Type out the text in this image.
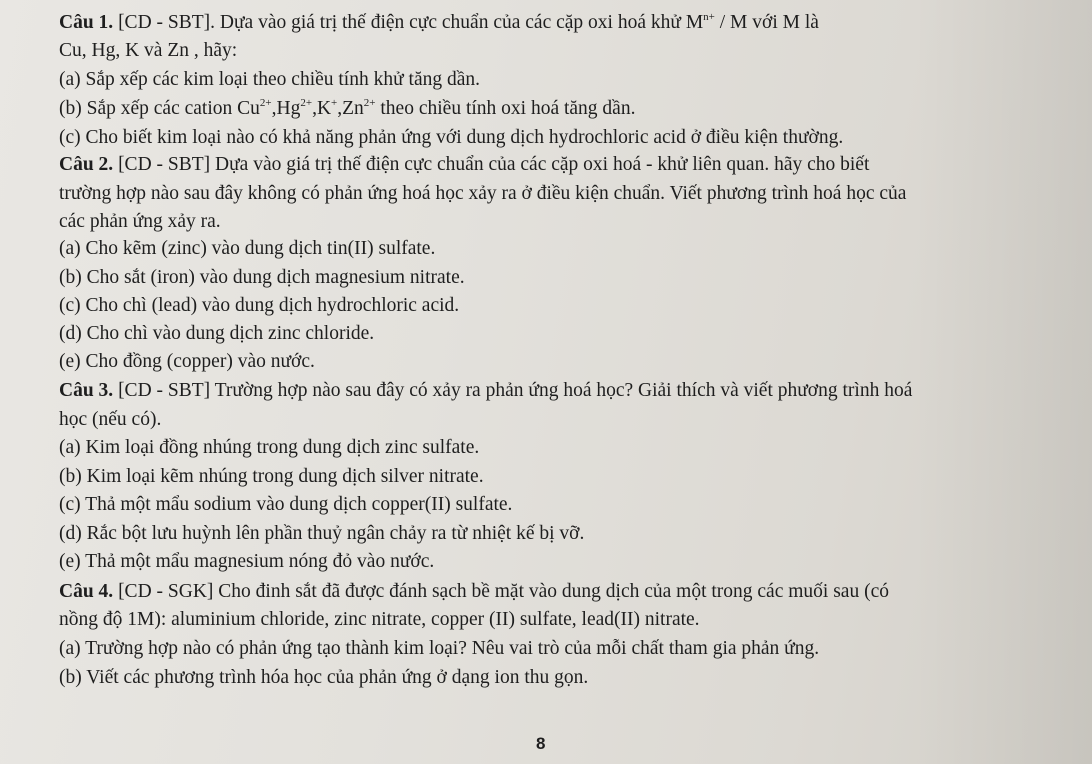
Câu 1. [CD - SBT]. Dựa vào giá trị thế điện cực chuẩn của các cặp oxi hoá khử $M^{n+}$ / M với M là
Cu, Hg, K và Zn , hãy:
(a) Sắp xếp các kim loại theo chiều tính khử tăng dần.
(b) Sắp xếp các cation $Cu^{2+},Hg^{2+},K^+,Zn^{2+}$ theo chiều tính oxi hoá tăng dần.
(c) Cho biết kim loại nào có khả năng phản ứng với dung dịch hydrochloric acid ở điều kiện thường.
Câu 2. [CD - SBT] Dựa vào giá trị thế điện cực chuẩn của các cặp oxi hoá - khử liên quan. hãy cho biết
trường hợp nào sau đây không có phản ứng hoá học xảy ra ở điều kiện chuẩn. Viết phương trình hoá học của
các phản ứng xảy ra.
(a) Cho kẽm (zinc) vào dung dịch tin(II) sulfate.
(b) Cho sắt (iron) vào dung dịch magnesium nitrate.
(c) Cho chì (lead) vào dung dịch hydrochloric acid.
(d) Cho chì vào dung dịch zinc chloride.
(e) Cho đồng (copper) vào nước.
Câu 3. [CD - SBT] Trường hợp nào sau đây có xảy ra phản ứng hoá học? Giải thích và viết phương trình hoá
học (nếu có).
(a) Kim loại đồng nhúng trong dung dịch zinc sulfate.
(b) Kim loại kẽm nhúng trong dung dịch silver nitrate.
(c) Thả một mẩu sodium vào dung dịch copper(II) sulfate.
(d) Rắc bột lưu huỳnh lên phần thuỷ ngân chảy ra từ nhiệt kế bị vỡ.
(e) Thả một mẩu magnesium nóng đỏ vào nước.
Câu 4. [CD - SGK] Cho đinh sắt đã được đánh sạch bề mặt vào dung dịch của một trong các muối sau (có
nồng độ 1M): aluminium chloride, zinc nitrate, copper (II) sulfate, lead(II) nitrate.
(a) Trường hợp nào có phản ứng tạo thành kim loại? Nêu vai trò của mỗi chất tham gia phản ứng.
(b) Viết các phương trình hóa học của phản ứng ở dạng ion thu gọn.
8
